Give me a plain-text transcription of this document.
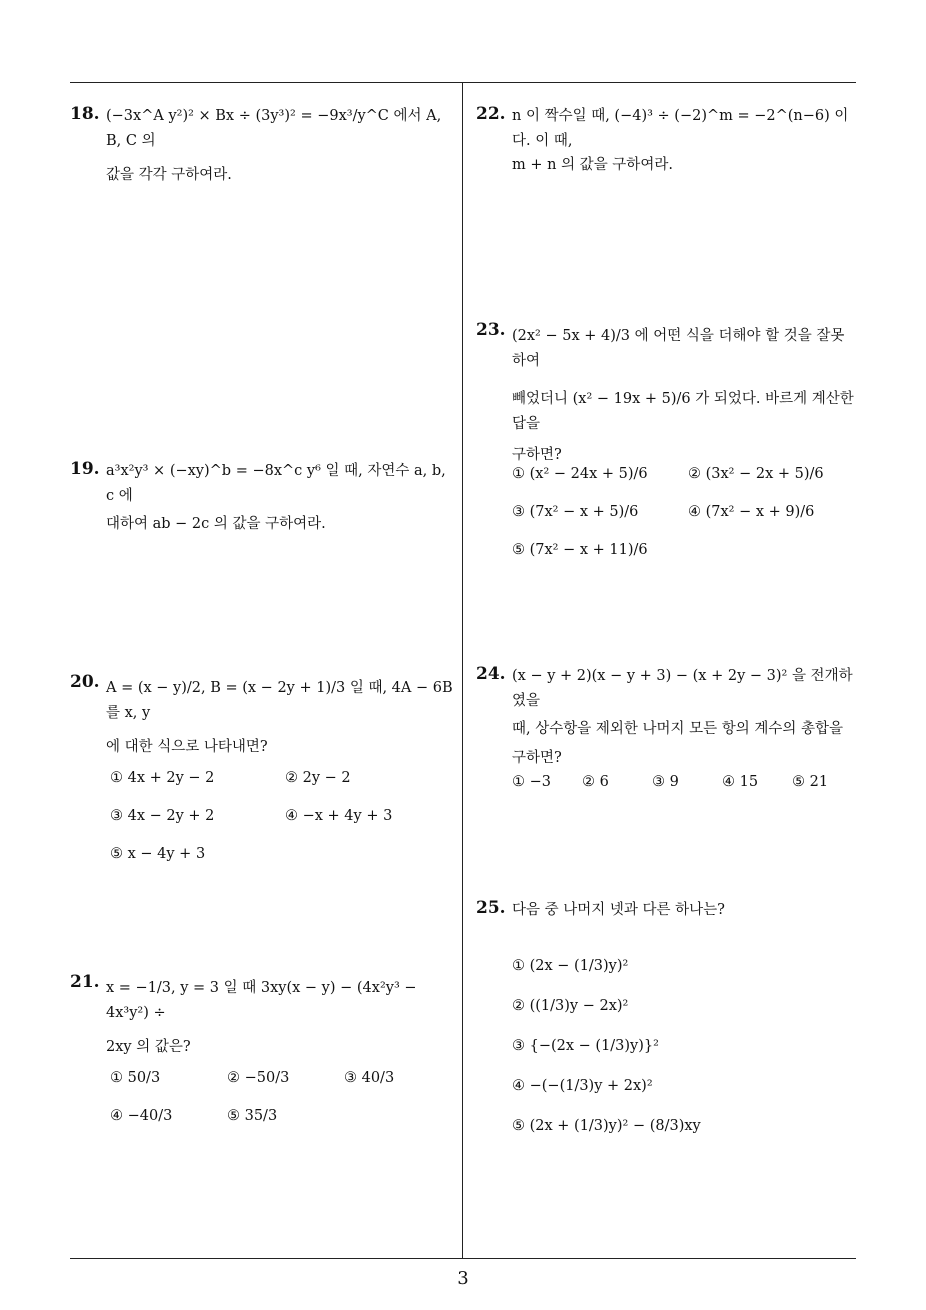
18. (−3x^A y²)² × Bx ÷ (3y³)² = −9x³/y^C 에서 A, B, C 의
값을 각각 구하여라.
19. a³x²y³ × (−xy)^b = −8x^c y⁶ 일 때, 자연수 a, b, c 에
대하여 ab − 2c 의 값을 구하여라.
20. A = (x − y)/2, B = (x − 2y + 1)/3 일 때, 4A − 6B 를 x, y
에 대한 식으로 나타내면?
① 4x + 2y − 2	② 2y − 2
③ 4x − 2y + 2	④ −x + 4y + 3
⑤ x − 4y + 3
21. x = −1/3, y = 3 일 때 3xy(x − y) − (4x²y³ − 4x³y²) ÷
2xy 의 값은?
① 50/3	② −50/3	③ 40/3
④ −40/3	⑤ 35/3
22. n 이 짝수일 때, (−4)³ ÷ (−2)^m = −2^(n−6) 이다. 이 때,
m + n 의 값을 구하여라.
23. (2x² − 5x + 4)/3 에 어떤 식을 더해야 할 것을 잘못하여
빼었더니 (x² − 19x + 5)/6 가 되었다. 바르게 계산한 답을
구하면?
① (x² − 24x + 5)/6	② (3x² − 2x + 5)/6
③ (7x² − x + 5)/6	④ (7x² − x + 9)/6
⑤ (7x² − x + 11)/6
24. (x − y + 2)(x − y + 3) − (x + 2y − 3)² 을 전개하였을
때, 상수항을 제외한 나머지 모든 항의 계수의 총합을
구하면?
① −3 ② 6	③ 9	④ 15 ⑤ 21
25. 다음 중 나머지 넷과 다른 하나는?
① (2x − (1/3)y)²
② ((1/3)y − 2x)²
③ {−(2x − (1/3)y)}²
④ −(−(1/3)y + 2x)²
⑤ (2x + (1/3)y)² − (8/3)xy
3
